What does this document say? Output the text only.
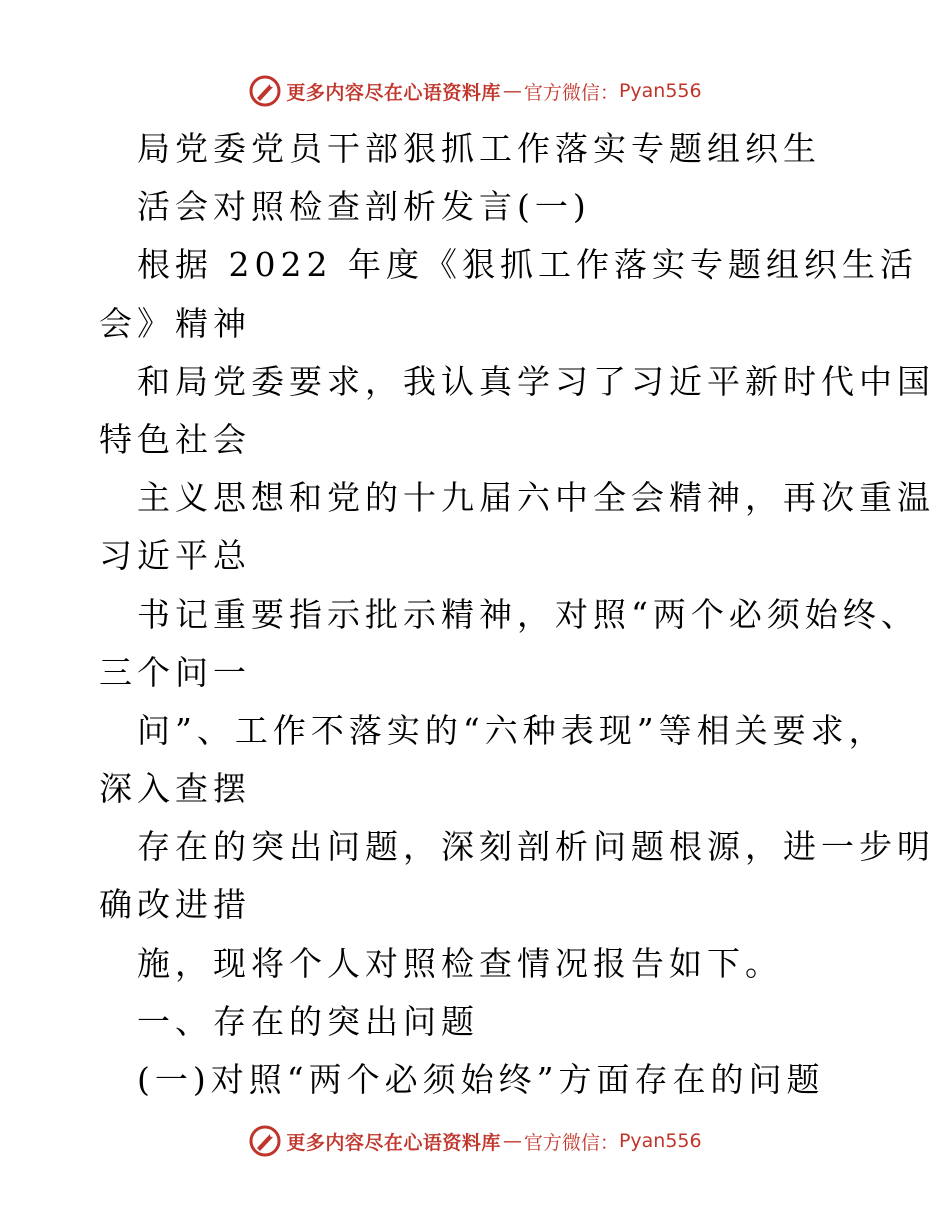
更多内容尽在心语资料库 — 官方微信： Pyan556
局党委党员干部狠抓工作落实专题组织生
活会对照检查剖析发言(一)
根据 2022 年度《狠抓工作落实专题组织生活
会》精神
和局党委要求，我认真学习了习近平新时代中国
特色社会
主义思想和党的十九届六中全会精神，再次重温
习近平总
书记重要指示批示精神，对照“两个必须始终、
三个问一
问”、工作不落实的“六种表现”等相关要求，
深入查摆
存在的突出问题，深刻剖析问题根源，进一步明
确改进措
施，现将个人对照检查情况报告如下。
一、存在的突出问题
(一)对照“两个必须始终”方面存在的问题
更多内容尽在心语资料库 — 官方微信： Pyan556
